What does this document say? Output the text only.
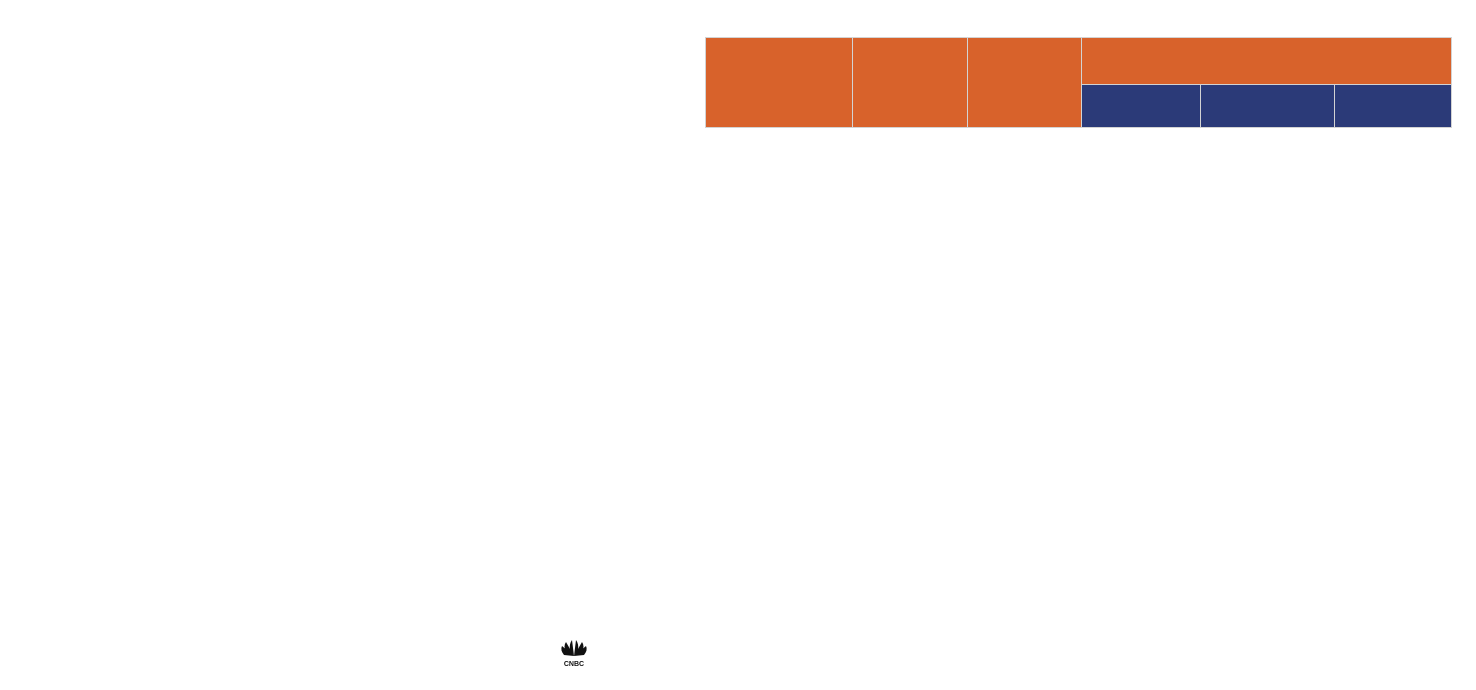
CNBC
